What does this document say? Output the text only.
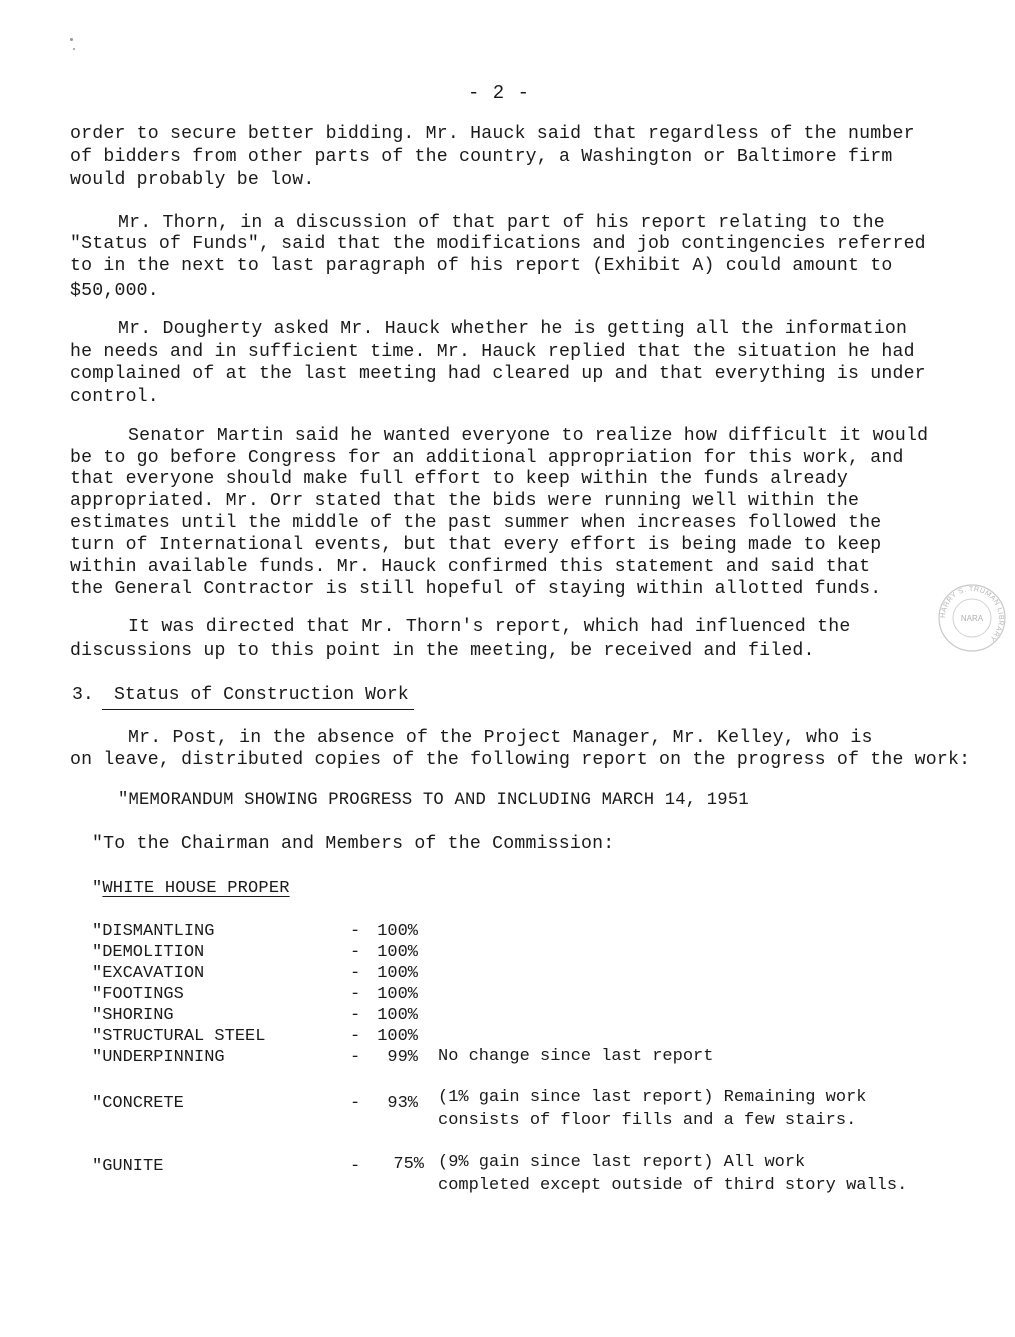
- 2 -
order to secure better bidding. Mr. Hauck said that regardless of the number
of bidders from other parts of the country, a Washington or Baltimore firm
would probably be low.
Mr. Thorn, in a discussion of that part of his report relating to the
"Status of Funds", said that the modifications and job contingencies referred
to in the next to last paragraph of his report (Exhibit A) could amount to
$50,000.
Mr. Dougherty asked Mr. Hauck whether he is getting all the information
he needs and in sufficient time. Mr. Hauck replied that the situation he had
complained of at the last meeting had cleared up and that everything is under
control.
Senator Martin said he wanted everyone to realize how difficult it would
be to go before Congress for an additional appropriation for this work, and
that everyone should make full effort to keep within the funds already
appropriated. Mr. Orr stated that the bids were running well within the
estimates until the middle of the past summer when increases followed the
turn of International events, but that every effort is being made to keep
within available funds. Mr. Hauck confirmed this statement and said that
the General Contractor is still hopeful of staying within allotted funds.
It was directed that Mr. Thorn's report, which had influenced the
discussions up to this point in the meeting, be received and filed.
3. Status of Construction Work
Mr. Post, in the absence of the Project Manager, Mr. Kelley, who is
on leave, distributed copies of the following report on the progress of the work:
"MEMORANDUM SHOWING PROGRESS TO AND INCLUDING MARCH 14, 1951
"To the Chairman and Members of the Commission:
"WHITE HOUSE PROPER
"DISMANTLING	- 100%
"DEMOLITION	- 100%
"EXCAVATION	- 100%
"FOOTINGS	- 100%
"SHORING	- 100%
"STRUCTURAL STEEL	- 100%
"UNDERPINNING	-	99% No change since last report
"CONCRETE	-	93% (1% gain since last report) Remaining work
consists of floor fills and a few stairs.
"GUNITE	-	75% (9% gain since last report) All work
completed except outside of third story walls.
HARRY S. TRUMAN LIBRARY
NARA
